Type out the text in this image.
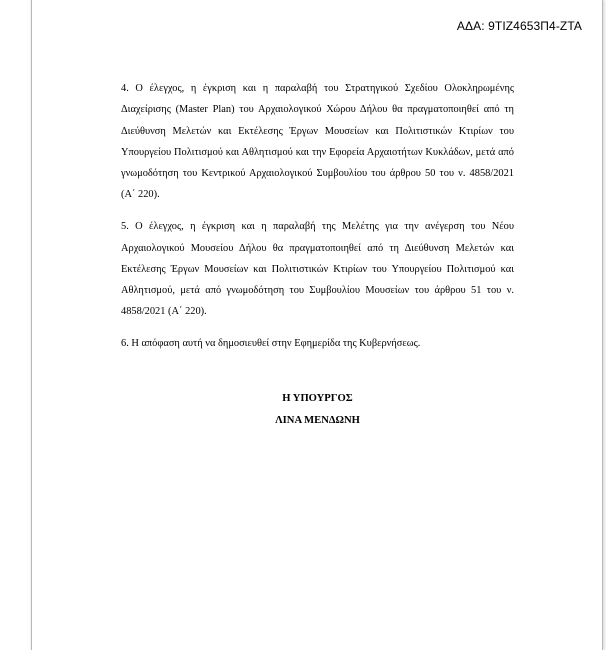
ΑΔΑ: 9ΤΙΖ4653Π4-ΖΤΑ

4. Ο έλεγχος, η έγκριση και η παραλαβή του Στρατηγικού Σχεδίου Ολοκληρωμένης Διαχείρισης (Master Plan) του Αρχαιολογικού Χώρου Δήλου θα πραγματοποιηθεί από τη Διεύθυνση Μελετών και Εκτέλεσης Έργων Μουσείων και Πολιτιστικών Κτιρίων του Υπουργείου Πολιτισμού και Αθλητισμού και την Εφορεία Αρχαιοτήτων Κυκλάδων, μετά από γνωμοδότηση του Κεντρικού Αρχαιολογικού Συμβουλίου του άρθρου 50 του ν. 4858/2021 (Α΄ 220).

5. Ο έλεγχος, η έγκριση και η παραλαβή της Μελέτης για την ανέγερση του Νέου Αρχαιολογικού Μουσείου Δήλου θα πραγματοποιηθεί από τη Διεύθυνση Μελετών και Εκτέλεσης Έργων Μουσείων και Πολιτιστικών Κτιρίων του Υπουργείου Πολιτισμού και Αθλητισμού, μετά από γνωμοδότηση του Συμβουλίου Μουσείων του άρθρου 51 του ν. 4858/2021 (Α΄ 220).

6. Η απόφαση αυτή να δημοσιευθεί στην Εφημερίδα της Κυβερνήσεως.

Η ΥΠΟΥΡΓΟΣ
ΛΙΝΑ ΜΕΝΔΩΝΗ
